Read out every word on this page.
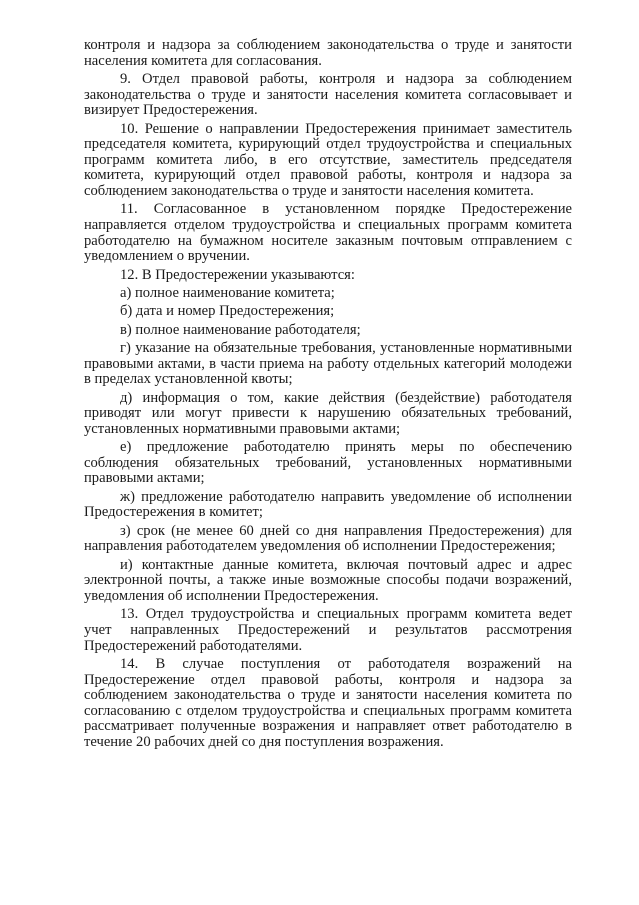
контроля и надзора за соблюдением законодательства о труде и занятости населения комитета для согласования.

9. Отдел правовой работы, контроля и надзора за соблюдением законодательства о труде и занятости населения комитета согласовывает и визирует Предостережения.

10. Решение о направлении Предостережения принимает заместитель председателя комитета, курирующий отдел трудоустройства и специальных программ комитета либо, в его отсутствие, заместитель председателя комитета, курирующий отдел правовой работы, контроля и надзора за соблюдением законодательства о труде и занятости населения комитета.

11. Согласованное в установленном порядке Предостережение направляется отделом трудоустройства и специальных программ комитета работодателю на бумажном носителе заказным почтовым отправлением с уведомлением о вручении.

12. В Предостережении указываются:

а) полное наименование комитета;

б) дата и номер Предостережения;

в) полное наименование работодателя;

г) указание на обязательные требования, установленные нормативными правовыми актами, в части приема на работу отдельных категорий молодежи в пределах установленной квоты;

д) информация о том, какие действия (бездействие) работодателя приводят или могут привести к нарушению обязательных требований, установленных нормативными правовыми актами;

е) предложение работодателю принять меры по обеспечению соблюдения обязательных требований, установленных нормативными правовыми актами;

ж) предложение работодателю направить уведомление об исполнении Предостережения в комитет;

з) срок (не менее 60 дней со дня направления Предостережения) для направления работодателем уведомления об исполнении Предостережения;

и) контактные данные комитета, включая почтовый адрес и адрес электронной почты, а также иные возможные способы подачи возражений, уведомления об исполнении Предостережения.

13. Отдел трудоустройства и специальных программ комитета ведет учет направленных Предостережений и результатов рассмотрения Предостережений работодателями.

14. В случае поступления от работодателя возражений на Предостережение отдел правовой работы, контроля и надзора за соблюдением законодательства о труде и занятости населения комитета по согласованию с отделом трудоустройства и специальных программ комитета рассматривает полученные возражения и направляет ответ работодателю в течение 20 рабочих дней со дня поступления возражения.
